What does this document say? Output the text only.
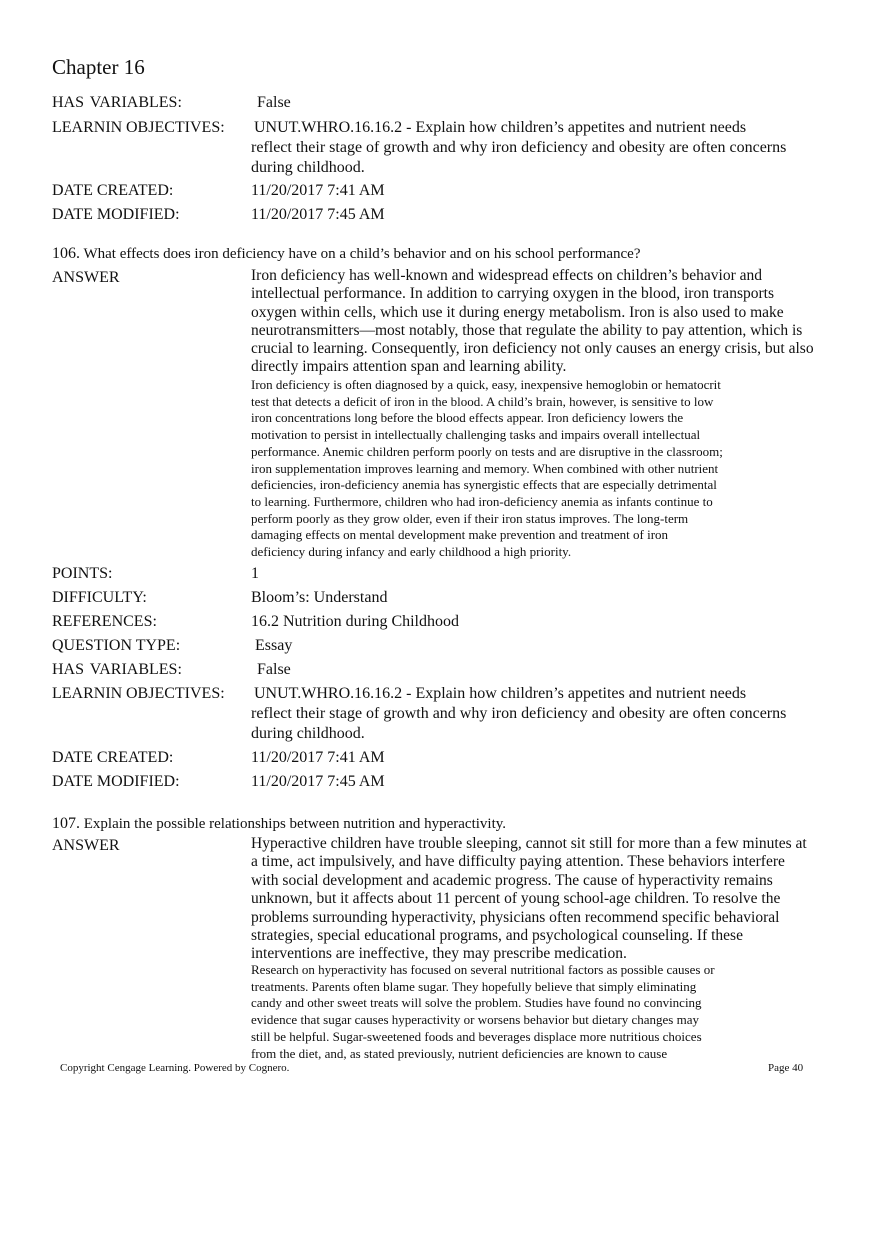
Chapter 16
HAS VARIABLES:	False
LEARNIN OBJECTIVES: UNUT.WHRO.16.16.2 - Explain how children’s appetites and nutrient needs
reflect their stage of growth and why iron deficiency and obesity are often concerns
during childhood.
DATE CREATED:	11/20/2017 7:41 AM
DATE MODIFIED:	11/20/2017 7:45 AM
106. What effects does iron deficiency have on a child’s behavior and on his school performance?
ANSWER	Iron deficiency has well-known and widespread effects on children’s behavior and
intellectual performance. In addition to carrying oxygen in the blood, iron transports
oxygen within cells, which use it during energy metabolism. Iron is also used to make
neurotransmitters—most notably, those that regulate the ability to pay attention, which is
crucial to learning. Consequently, iron deficiency not only causes an energy crisis, but also
directly impairs attention span and learning ability.
Iron deficiency is often diagnosed by a quick, easy, inexpensive hemoglobin or hematocrit
test that detects a deficit of iron in the blood. A child’s brain, however, is sensitive to low
iron concentrations long before the blood effects appear. Iron deficiency lowers the
motivation to persist in intellectually challenging tasks and impairs overall intellectual
performance. Anemic children perform poorly on tests and are disruptive in the classroom;
iron supplementation improves learning and memory. When combined with other nutrient
deficiencies, iron-deficiency anemia has synergistic effects that are especially detrimental
to learning. Furthermore, children who had iron-deficiency anemia as infants continue to
perform poorly as they grow older, even if their iron status improves. The long-term
damaging effects on mental development make prevention and treatment of iron
deficiency during infancy and early childhood a high priority.
POINTS:	1
DIFFICULTY:	Bloom’s: Understand
REFERENCES:	16.2 Nutrition during Childhood
QUESTION TYPE:	Essay
HAS VARIABLES:	False
LEARNIN OBJECTIVES: UNUT.WHRO.16.16.2 - Explain how children’s appetites and nutrient needs
reflect their stage of growth and why iron deficiency and obesity are often concerns
during childhood.
DATE CREATED:	11/20/2017 7:41 AM
DATE MODIFIED:	11/20/2017 7:45 AM
107. Explain the possible relationships between nutrition and hyperactivity.
ANSWER	Hyperactive children have trouble sleeping, cannot sit still for more than a few minutes at
a time, act impulsively, and have difficulty paying attention. These behaviors interfere
with social development and academic progress. The cause of hyperactivity remains
unknown, but it affects about 11 percent of young school-age children. To resolve the
problems surrounding hyperactivity, physicians often recommend specific behavioral
strategies, special educational programs, and psychological counseling. If these
interventions are ineffective, they may prescribe medication.
Research on hyperactivity has focused on several nutritional factors as possible causes or
treatments. Parents often blame sugar. They hopefully believe that simply eliminating
candy and other sweet treats will solve the problem. Studies have found no convincing
evidence that sugar causes hyperactivity or worsens behavior but dietary changes may
still be helpful. Sugar-sweetened foods and beverages displace more nutritious choices
from the diet, and, as stated previously, nutrient deficiencies are known to cause
Copyright Cengage Learning. Powered by Cognero.	Page 40
